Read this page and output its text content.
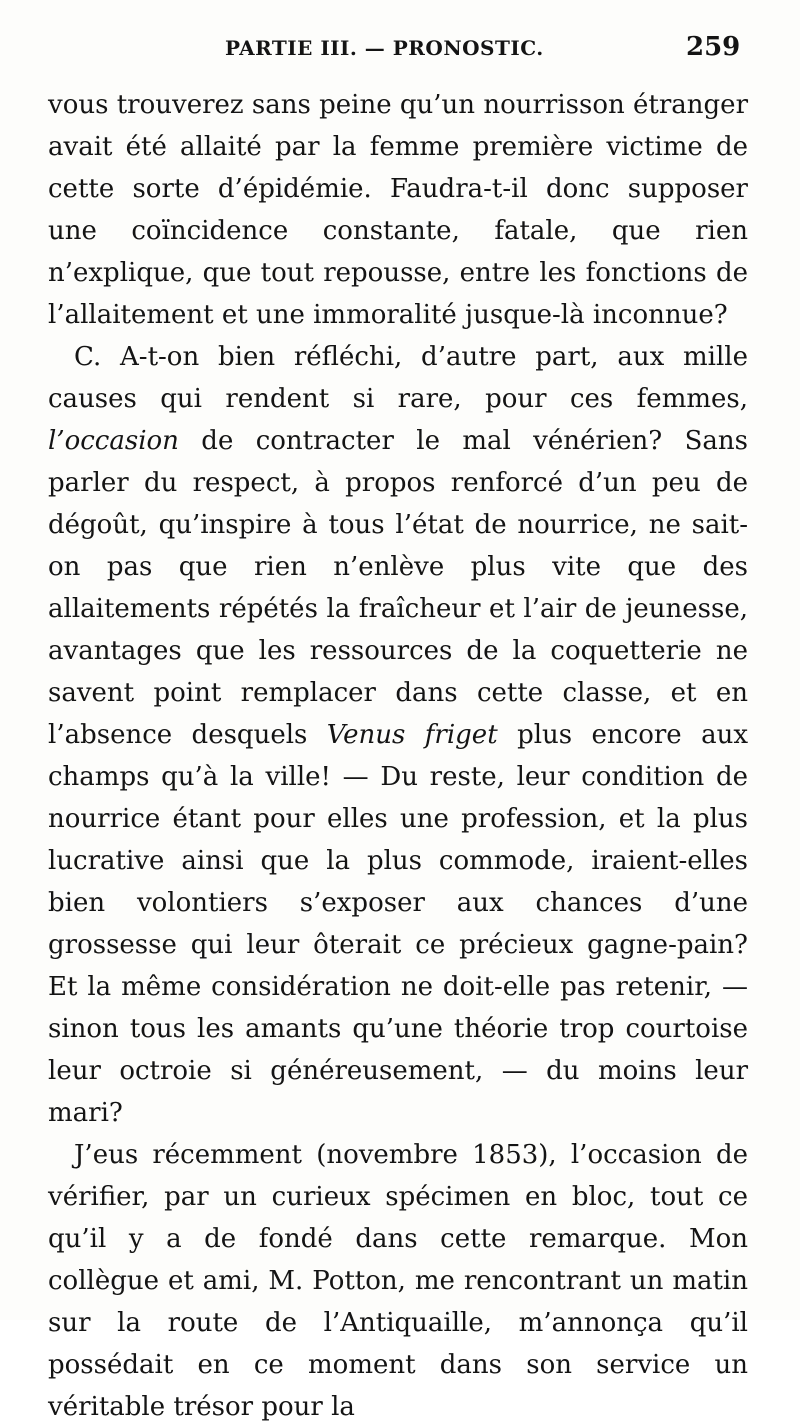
PARTIE III. — PRONOSTIC.	259

vous trouverez sans peine qu’un nourrisson étranger avait été allaité par la femme première victime de cette sorte d’épidémie. Faudra-t-il donc supposer une coïncidence constante, fatale, que rien n’explique, que tout repousse, entre les fonctions de l’allaitement et une immoralité jusque-là inconnue?

C. A-t-on bien réfléchi, d’autre part, aux mille causes qui rendent si rare, pour ces femmes, l’occasion de contracter le mal vénérien? Sans parler du respect, à propos renforcé d’un peu de dégoût, qu’inspire à tous l’état de nourrice, ne sait-on pas que rien n’enlève plus vite que des allaitements répétés la fraîcheur et l’air de jeunesse, avantages que les ressources de la coquetterie ne savent point remplacer dans cette classe, et en l’absence desquels Venus friget plus encore aux champs qu’à la ville! — Du reste, leur condition de nourrice étant pour elles une profession, et la plus lucrative ainsi que la plus commode, iraient-elles bien volontiers s’exposer aux chances d’une grossesse qui leur ôterait ce précieux gagne-pain? Et la même considération ne doit-elle pas retenir, — sinon tous les amants qu’une théorie trop courtoise leur octroie si généreusement, — du moins leur mari?

J’eus récemment (novembre 1853), l’occasion de vérifier, par un curieux spécimen en bloc, tout ce qu’il y a de fondé dans cette remarque. Mon collègue et ami, M. Potton, me rencontrant un matin sur la route de l’Antiquaille, m’annonça qu’il possédait en ce moment dans son service un véritable trésor pour la
